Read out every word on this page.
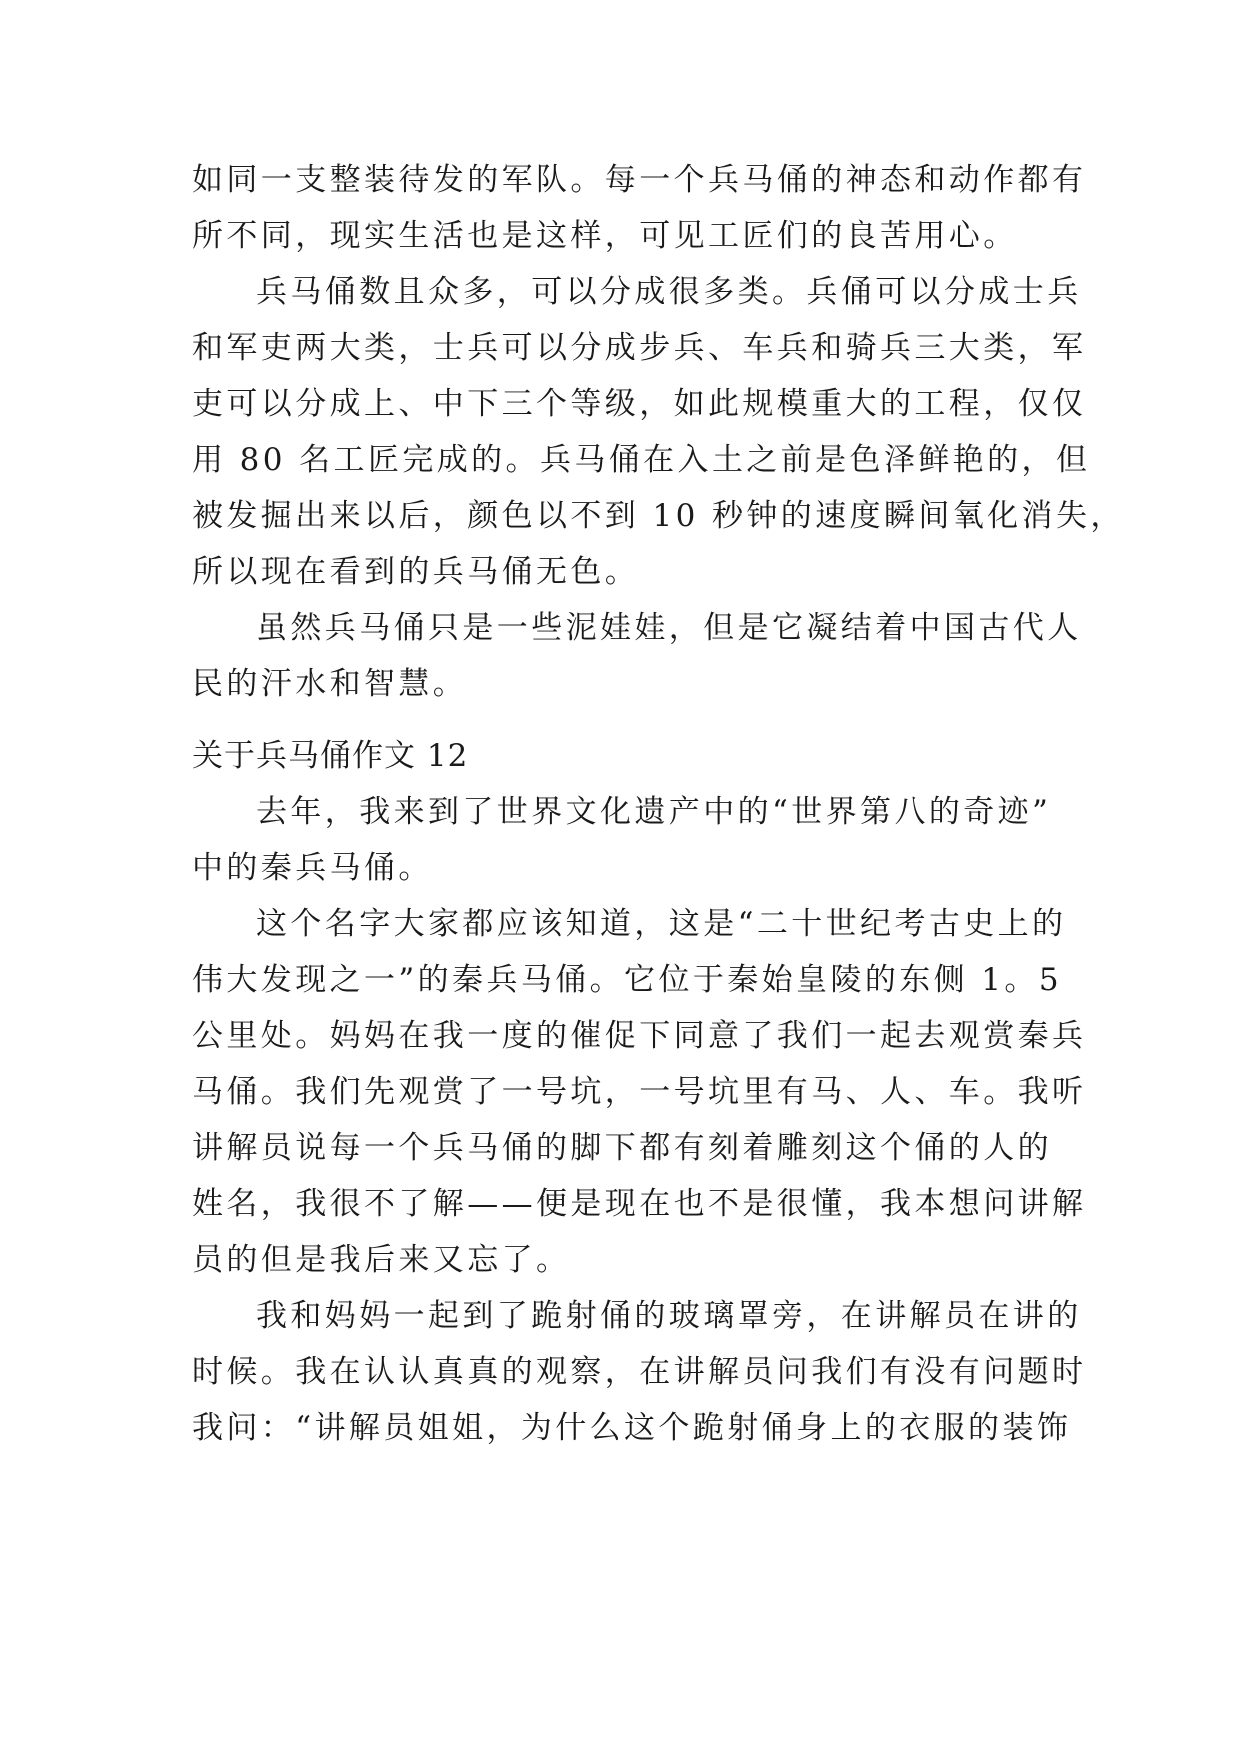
如同一支整装待发的军队。每一个兵马俑的神态和动作都有
所不同，现实生活也是这样，可见工匠们的良苦用心。
兵马俑数且众多，可以分成很多类。兵俑可以分成士兵
和军吏两大类，士兵可以分成步兵、车兵和骑兵三大类，军
吏可以分成上、中下三个等级，如此规模重大的工程，仅仅
用 80 名工匠完成的。兵马俑在入土之前是色泽鲜艳的，但
被发掘出来以后，颜色以不到 10 秒钟的速度瞬间氧化消失，
所以现在看到的兵马俑无色。
虽然兵马俑只是一些泥娃娃，但是它凝结着中国古代人
民的汗水和智慧。
关于兵马俑作文 12
去年，我来到了世界文化遗产中的“世界第八的奇迹”
中的秦兵马俑。
这个名字大家都应该知道，这是“二十世纪考古史上的
伟大发现之一”的秦兵马俑。它位于秦始皇陵的东侧 1。5
公里处。妈妈在我一度的催促下同意了我们一起去观赏秦兵
马俑。我们先观赏了一号坑，一号坑里有马、人、车。我听
讲解员说每一个兵马俑的脚下都有刻着雕刻这个俑的人的
姓名，我很不了解——便是现在也不是很懂，我本想问讲解
员的但是我后来又忘了。
我和妈妈一起到了跪射俑的玻璃罩旁，在讲解员在讲的
时候。我在认认真真的观察，在讲解员问我们有没有问题时
我问：“讲解员姐姐，为什么这个跪射俑身上的衣服的装饰
